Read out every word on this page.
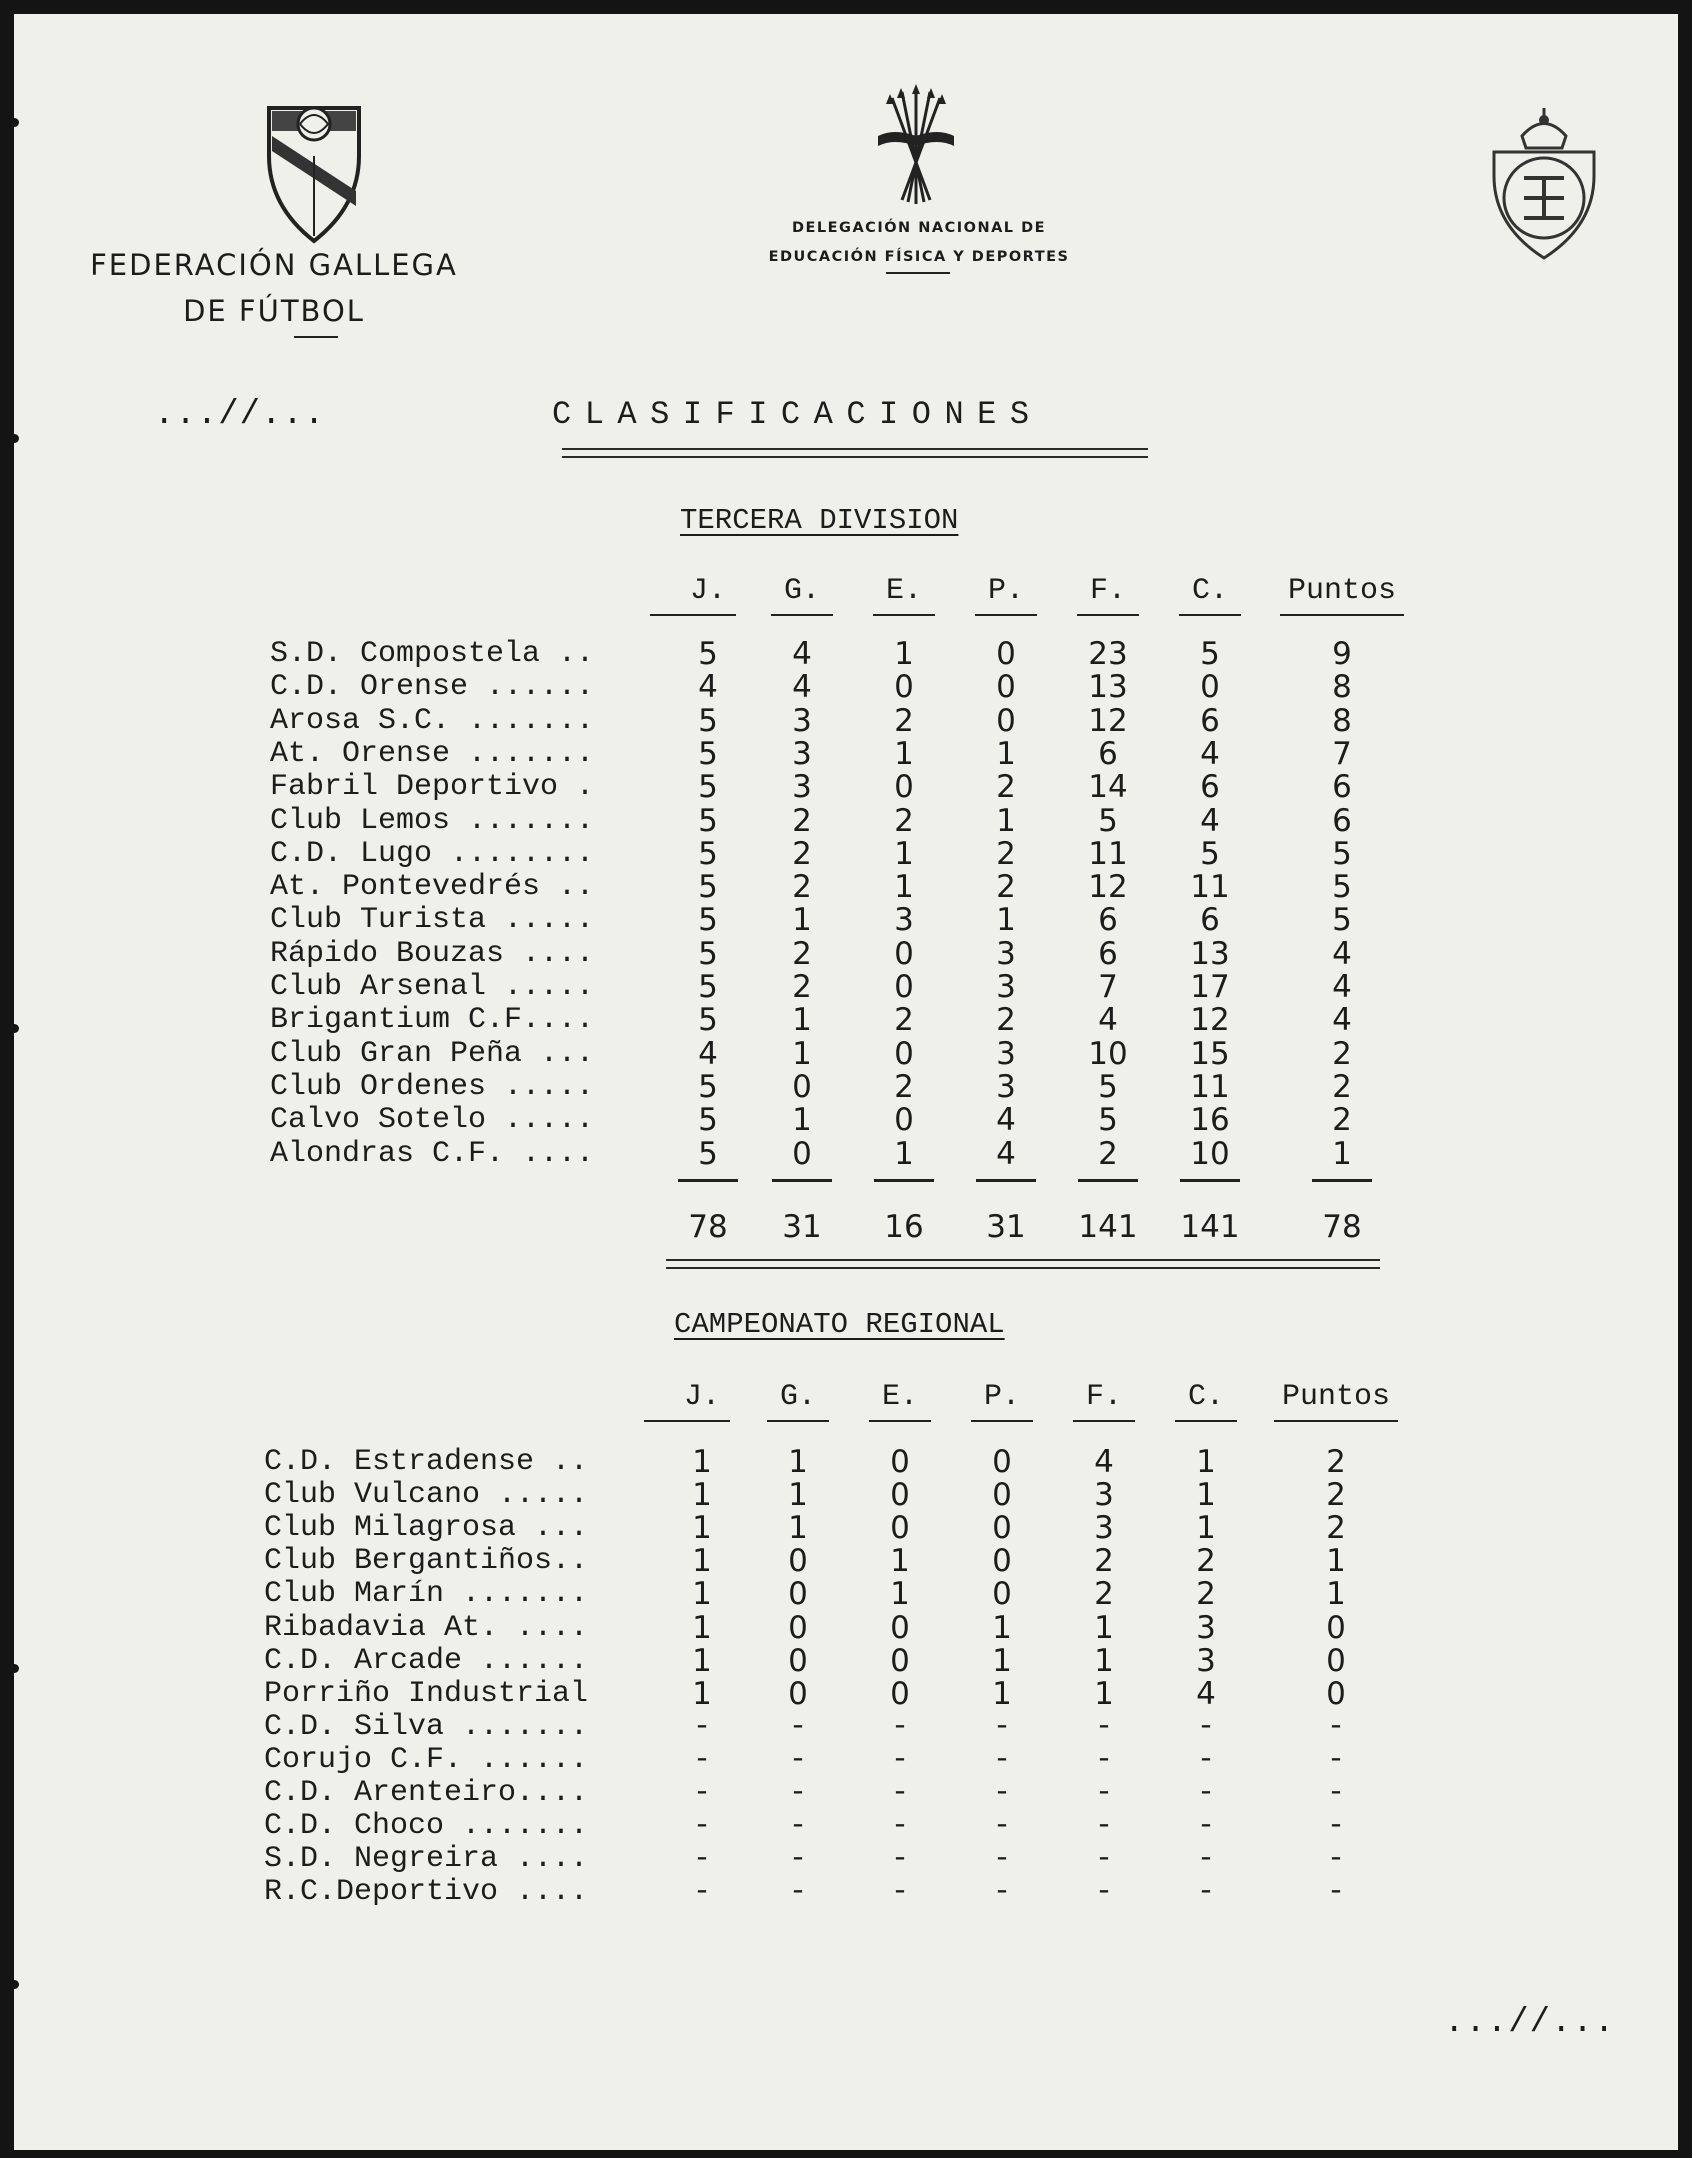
FEDERACIÓN GALLEGA
DE FÚTBOL
DELEGACIÓN NACIONAL DE
EDUCACIÓN FÍSICA Y DEPORTES
...//...	CLASIFICACIONES
TERCERA DIVISION
J.	G.	E.	P.	F.	C.	Puntos
S.D. Compostela ..	5	4	1	0	23	5	9
C.D. Orense ......	4	4	0	0	13	0	8
Arosa S.C. .......	5	3	2	0	12	6	8
At. Orense .......	5	3	1	1	6	4	7
Fabril Deportivo .	5	3	0	2	14	6	6
Club Lemos .......	5	2	2	1	5	4	6
C.D. Lugo ........	5	2	1	2	11	5	5
At. Pontevedrés ..	5	2	1	2	12	11	5
Club Turista .....	5	1	3	1	6	6	5
Rápido Bouzas ....	5	2	0	3	6	13	4
Club Arsenal .....	5	2	0	3	7	17	4
Brigantium C.F....	5	1	2	2	4	12	4
Club Gran Peña ...	4	1	0	3	10	15	2
Club Ordenes .....	5	0	2	3	5	11	2
Calvo Sotelo .....	5	1	0	4	5	16	2
Alondras C.F. ....	5	0	1	4	2	10	1
78	31	16	31	141	141	78
CAMPEONATO REGIONAL
J.	G.	E.	P.	F.	C.	Puntos
C.D. Estradense ..	1	1	0	0	4	1	2
Club Vulcano .....	1	1	0	0	3	1	2
Club Milagrosa ...	1	1	0	0	3	1	2
Club Bergantiños..	1	0	1	0	2	2	1
Club Marín .......	1	0	1	0	2	2	1
Ribadavia At. ....	1	0	0	1	1	3	0
C.D. Arcade ......	1	0	0	1	1	3	0
Porriño Industrial	1	0	0	1	1	4	0
C.D. Silva .......	-	-	-	-	-	-	-
Corujo C.F. ......	-	-	-	-	-	-	-
C.D. Arenteiro....	-	-	-	-	-	-	-
C.D. Choco .......	-	-	-	-	-	-	-
S.D. Negreira ....	-	-	-	-	-	-	-
R.C.Deportivo ....	-	-	-	-	-	-	-
...//...
